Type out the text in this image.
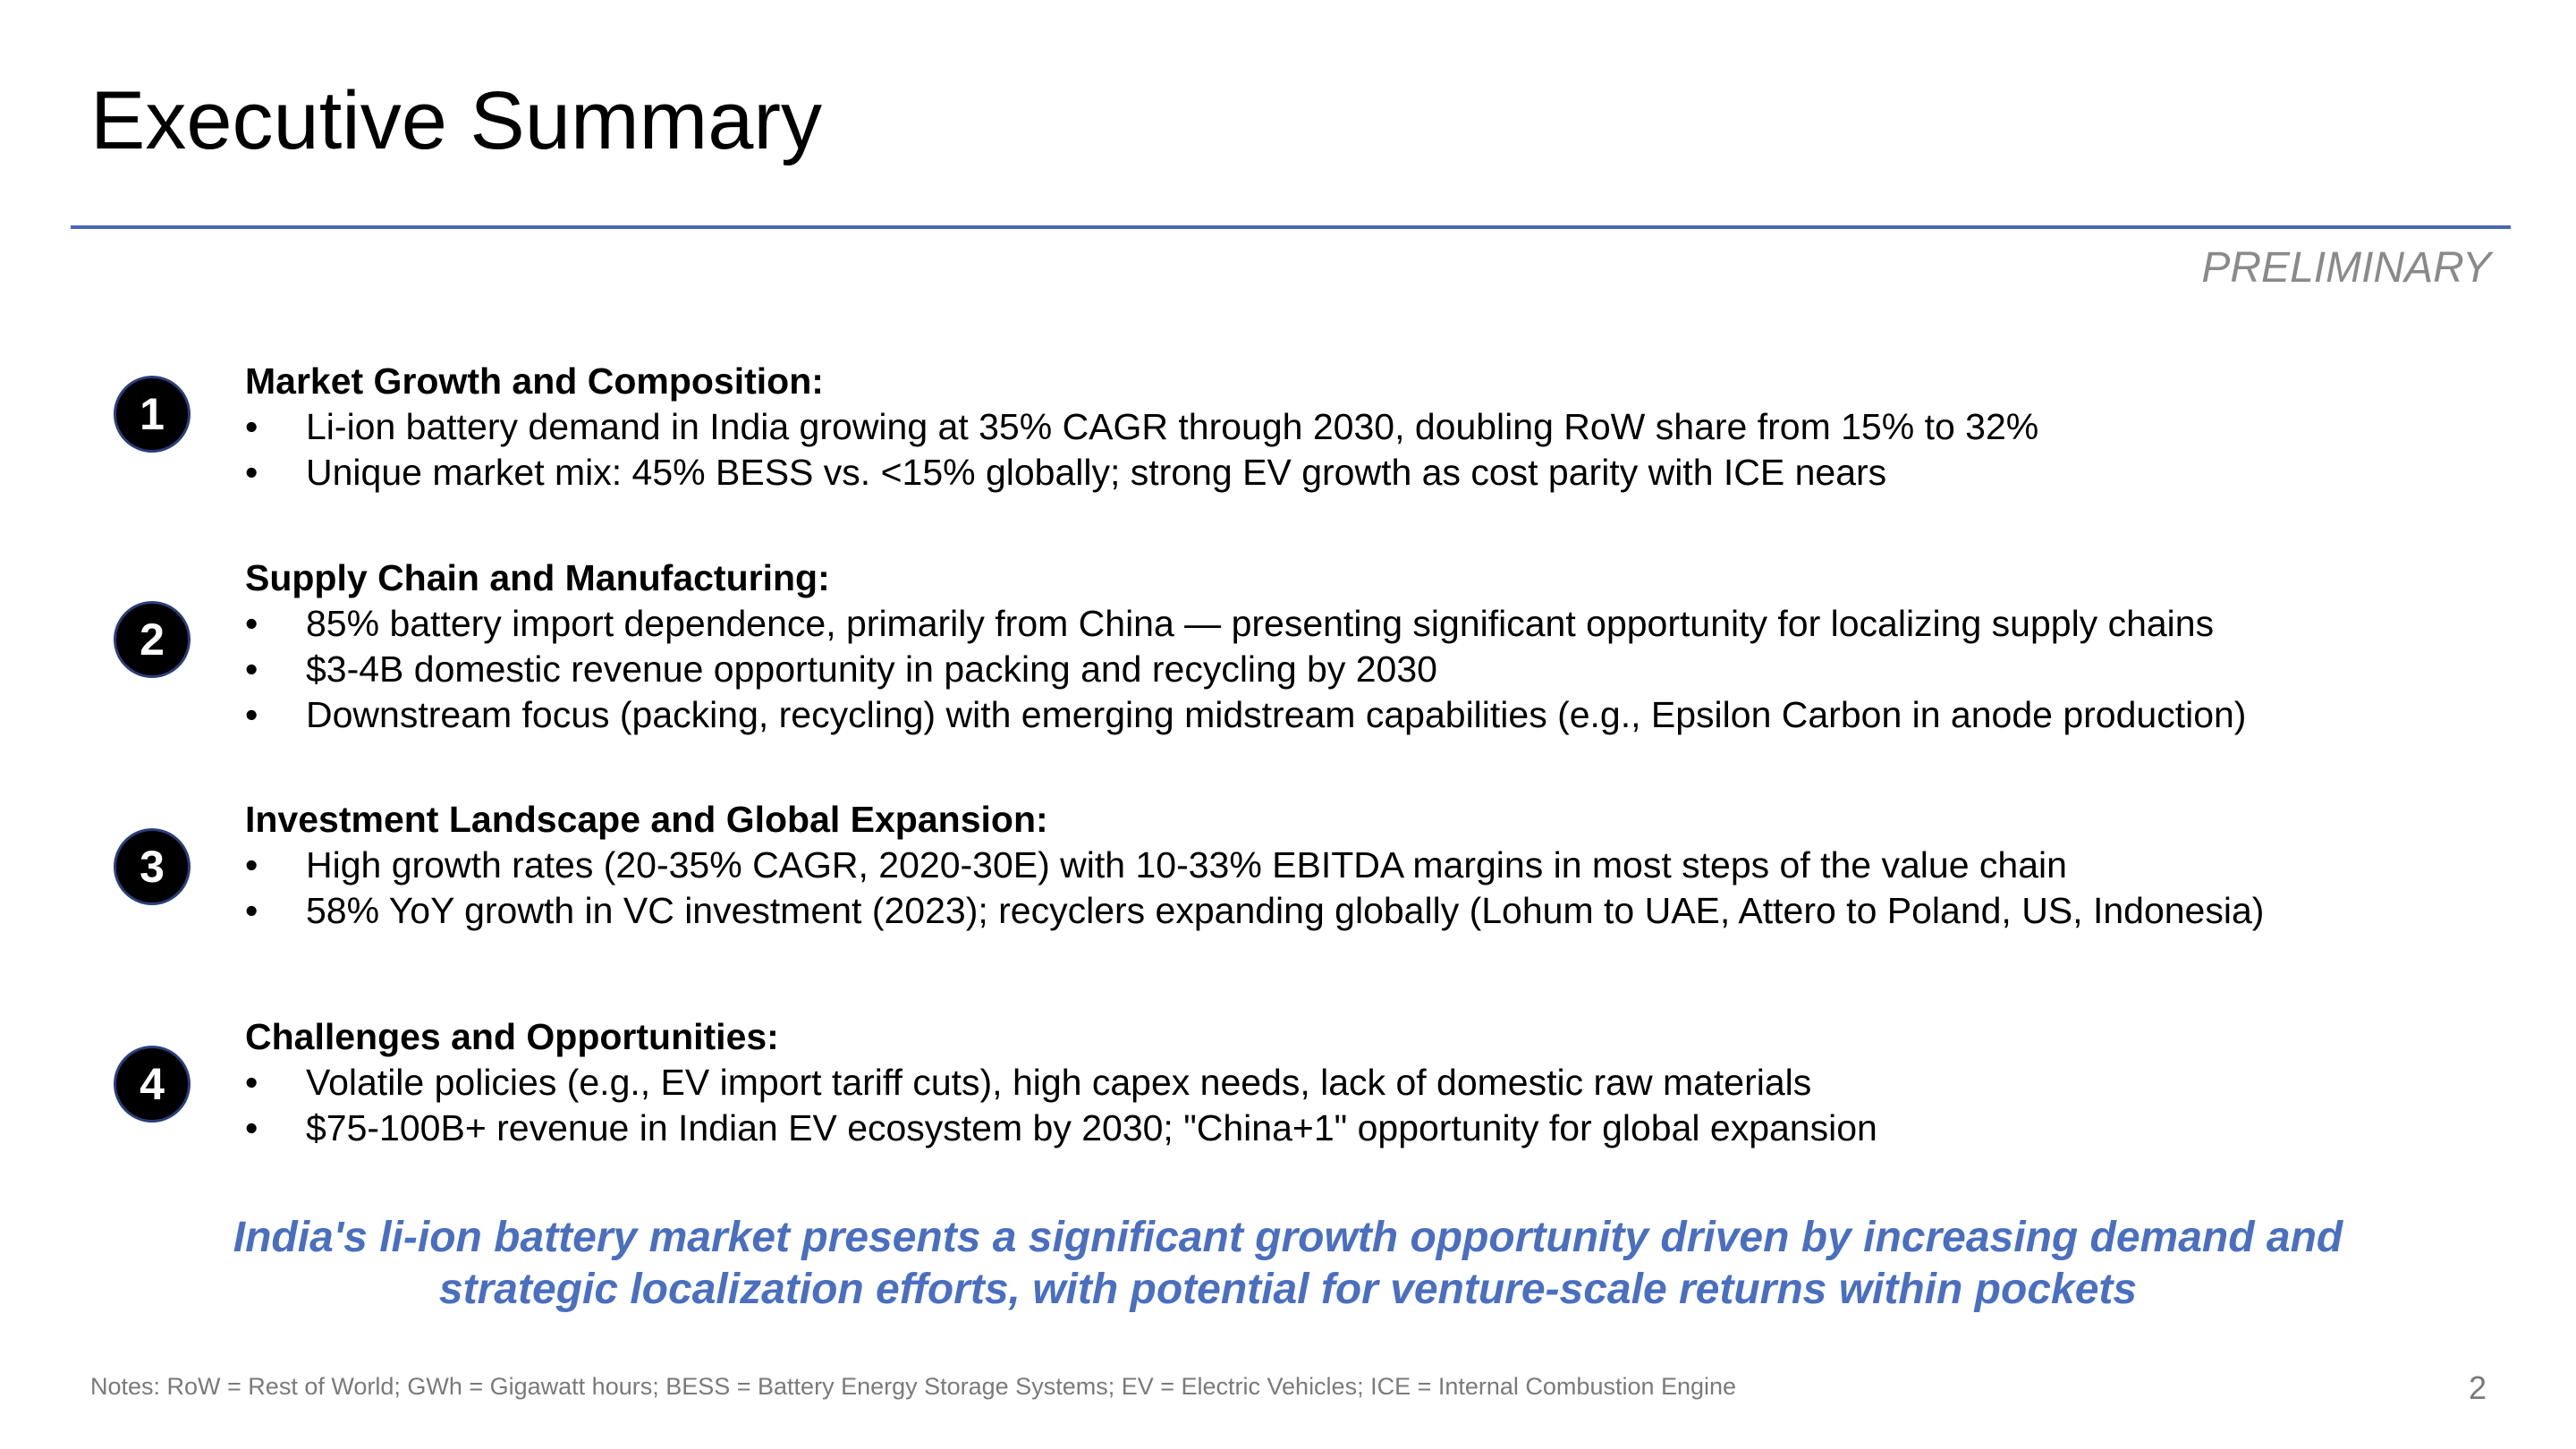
Executive Summary
PRELIMINARY
1
Market Growth and Composition:
• Li-ion battery demand in India growing at 35% CAGR through 2030, doubling RoW share from 15% to 32%
• Unique market mix: 45% BESS vs. <15% globally; strong EV growth as cost parity with ICE nears
2
Supply Chain and Manufacturing:
• 85% battery import dependence, primarily from China — presenting significant opportunity for localizing supply chains
• $3-4B domestic revenue opportunity in packing and recycling by 2030
• Downstream focus (packing, recycling) with emerging midstream capabilities (e.g., Epsilon Carbon in anode production)
3
Investment Landscape and Global Expansion:
• High growth rates (20-35% CAGR, 2020-30E) with 10-33% EBITDA margins in most steps of the value chain
• 58% YoY growth in VC investment (2023); recyclers expanding globally (Lohum to UAE, Attero to Poland, US, Indonesia)
4
Challenges and Opportunities:
• Volatile policies (e.g., EV import tariff cuts), high capex needs, lack of domestic raw materials
• $75-100B+ revenue in Indian EV ecosystem by 2030; "China+1" opportunity for global expansion
India's li-ion battery market presents a significant growth opportunity driven by increasing demand and
strategic localization efforts, with potential for venture-scale returns within pockets
Notes: RoW = Rest of World; GWh = Gigawatt hours; BESS = Battery Energy Storage Systems; EV = Electric Vehicles; ICE = Internal Combustion Engine	2
